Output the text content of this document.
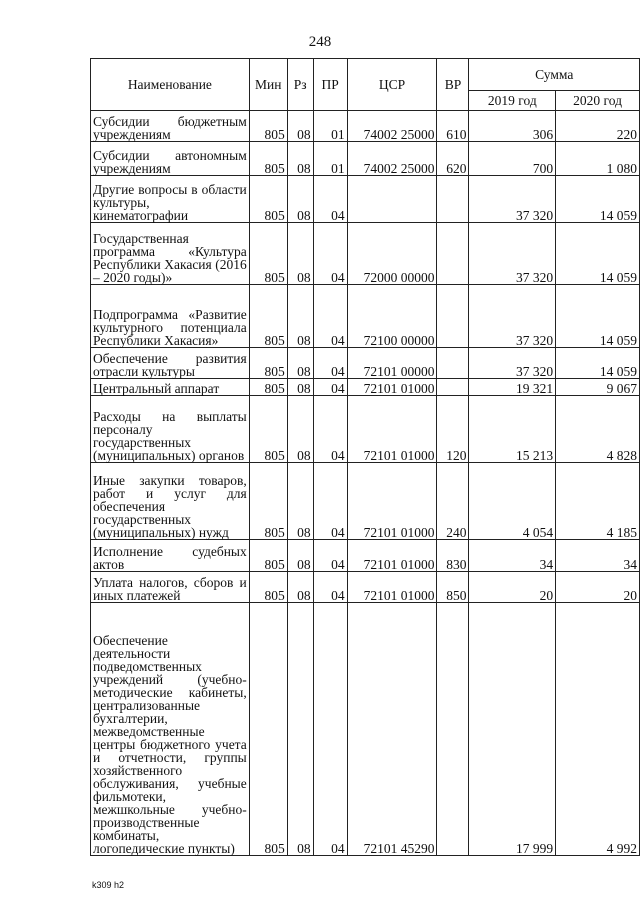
248
Наименование	Мин	Рз	ПР	ЦСР	ВР	Сумма	
						2019 год	2020 год
Субсидии бюджетным учреждениям	805	08	01	74002 25000	610	306	220
Субсидии автономным учреждениям	805	08	01	74002 25000	620	700	1 080
Другие вопросы в области культуры, кинематографии	805	08	04			37 320	14 059
Государственная программа «Культура Республики Хакасия (2016 – 2020 годы)»	805	08	04	72000 00000		37 320	14 059
Подпрограмма «Развитие культурного потенциала Республики Хакасия»	805	08	04	72100 00000		37 320	14 059
Обеспечение развития отрасли культуры	805	08	04	72101 00000		37 320	14 059
Центральный аппарат	805	08	04	72101 01000		19 321	9 067
Расходы на выплаты персоналу государственных (муниципальных) органов	805	08	04	72101 01000	120	15 213	4 828
Иные закупки товаров, работ и услуг для обеспечения государственных (муниципальных) нужд	805	08	04	72101 01000	240	4 054	4 185
Исполнение судебных актов	805	08	04	72101 01000	830	34	34
Уплата налогов, сборов и иных платежей	805	08	04	72101 01000	850	20	20
Обеспечение деятельности подведомственных учреждений (учебно-методические кабинеты, централизованные бухгалтерии, межведомственные центры бюджетного учета и отчетности, группы хозяйственного обслуживания, учебные фильмотеки, межшкольные учебно-производственные комбинаты, логопедические пункты)	805	08	04	72101 45290		17 999	4 992
k309 h2
